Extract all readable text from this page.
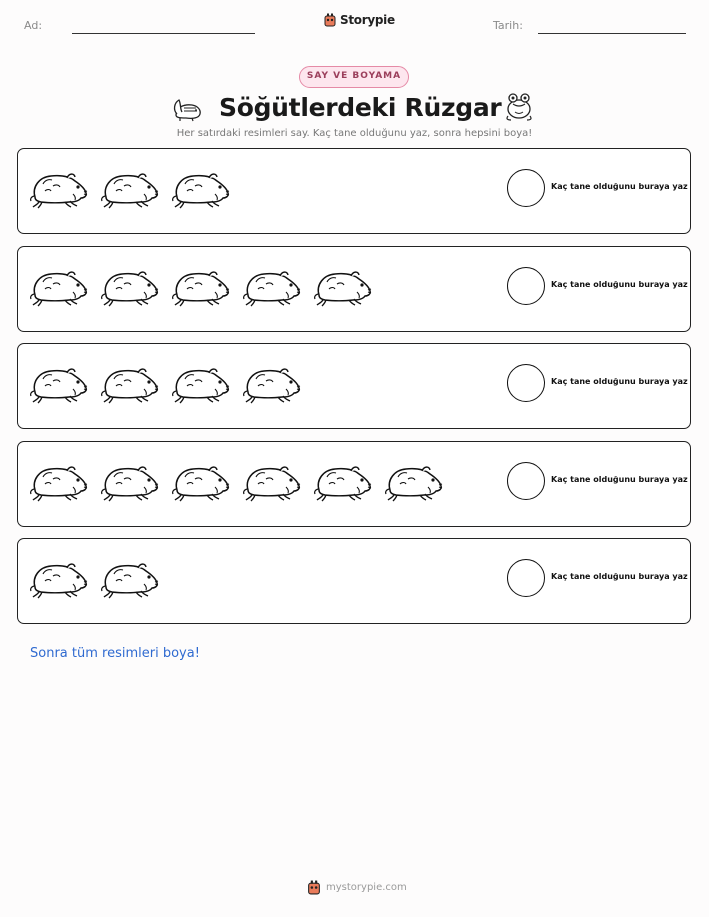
Ad:	Storypie	Tarih:
SAY VE BOYAMA
Söğütlerdeki Rüzgar
Her satırdaki resimleri say. Kaç tane olduğunu yaz, sonra hepsini boya!
Kaç tane olduğunu buraya yaz
Kaç tane olduğunu buraya yaz
Kaç tane olduğunu buraya yaz
Kaç tane olduğunu buraya yaz
Kaç tane olduğunu buraya yaz
Sonra tüm resimleri boya!
mystorypie.com
